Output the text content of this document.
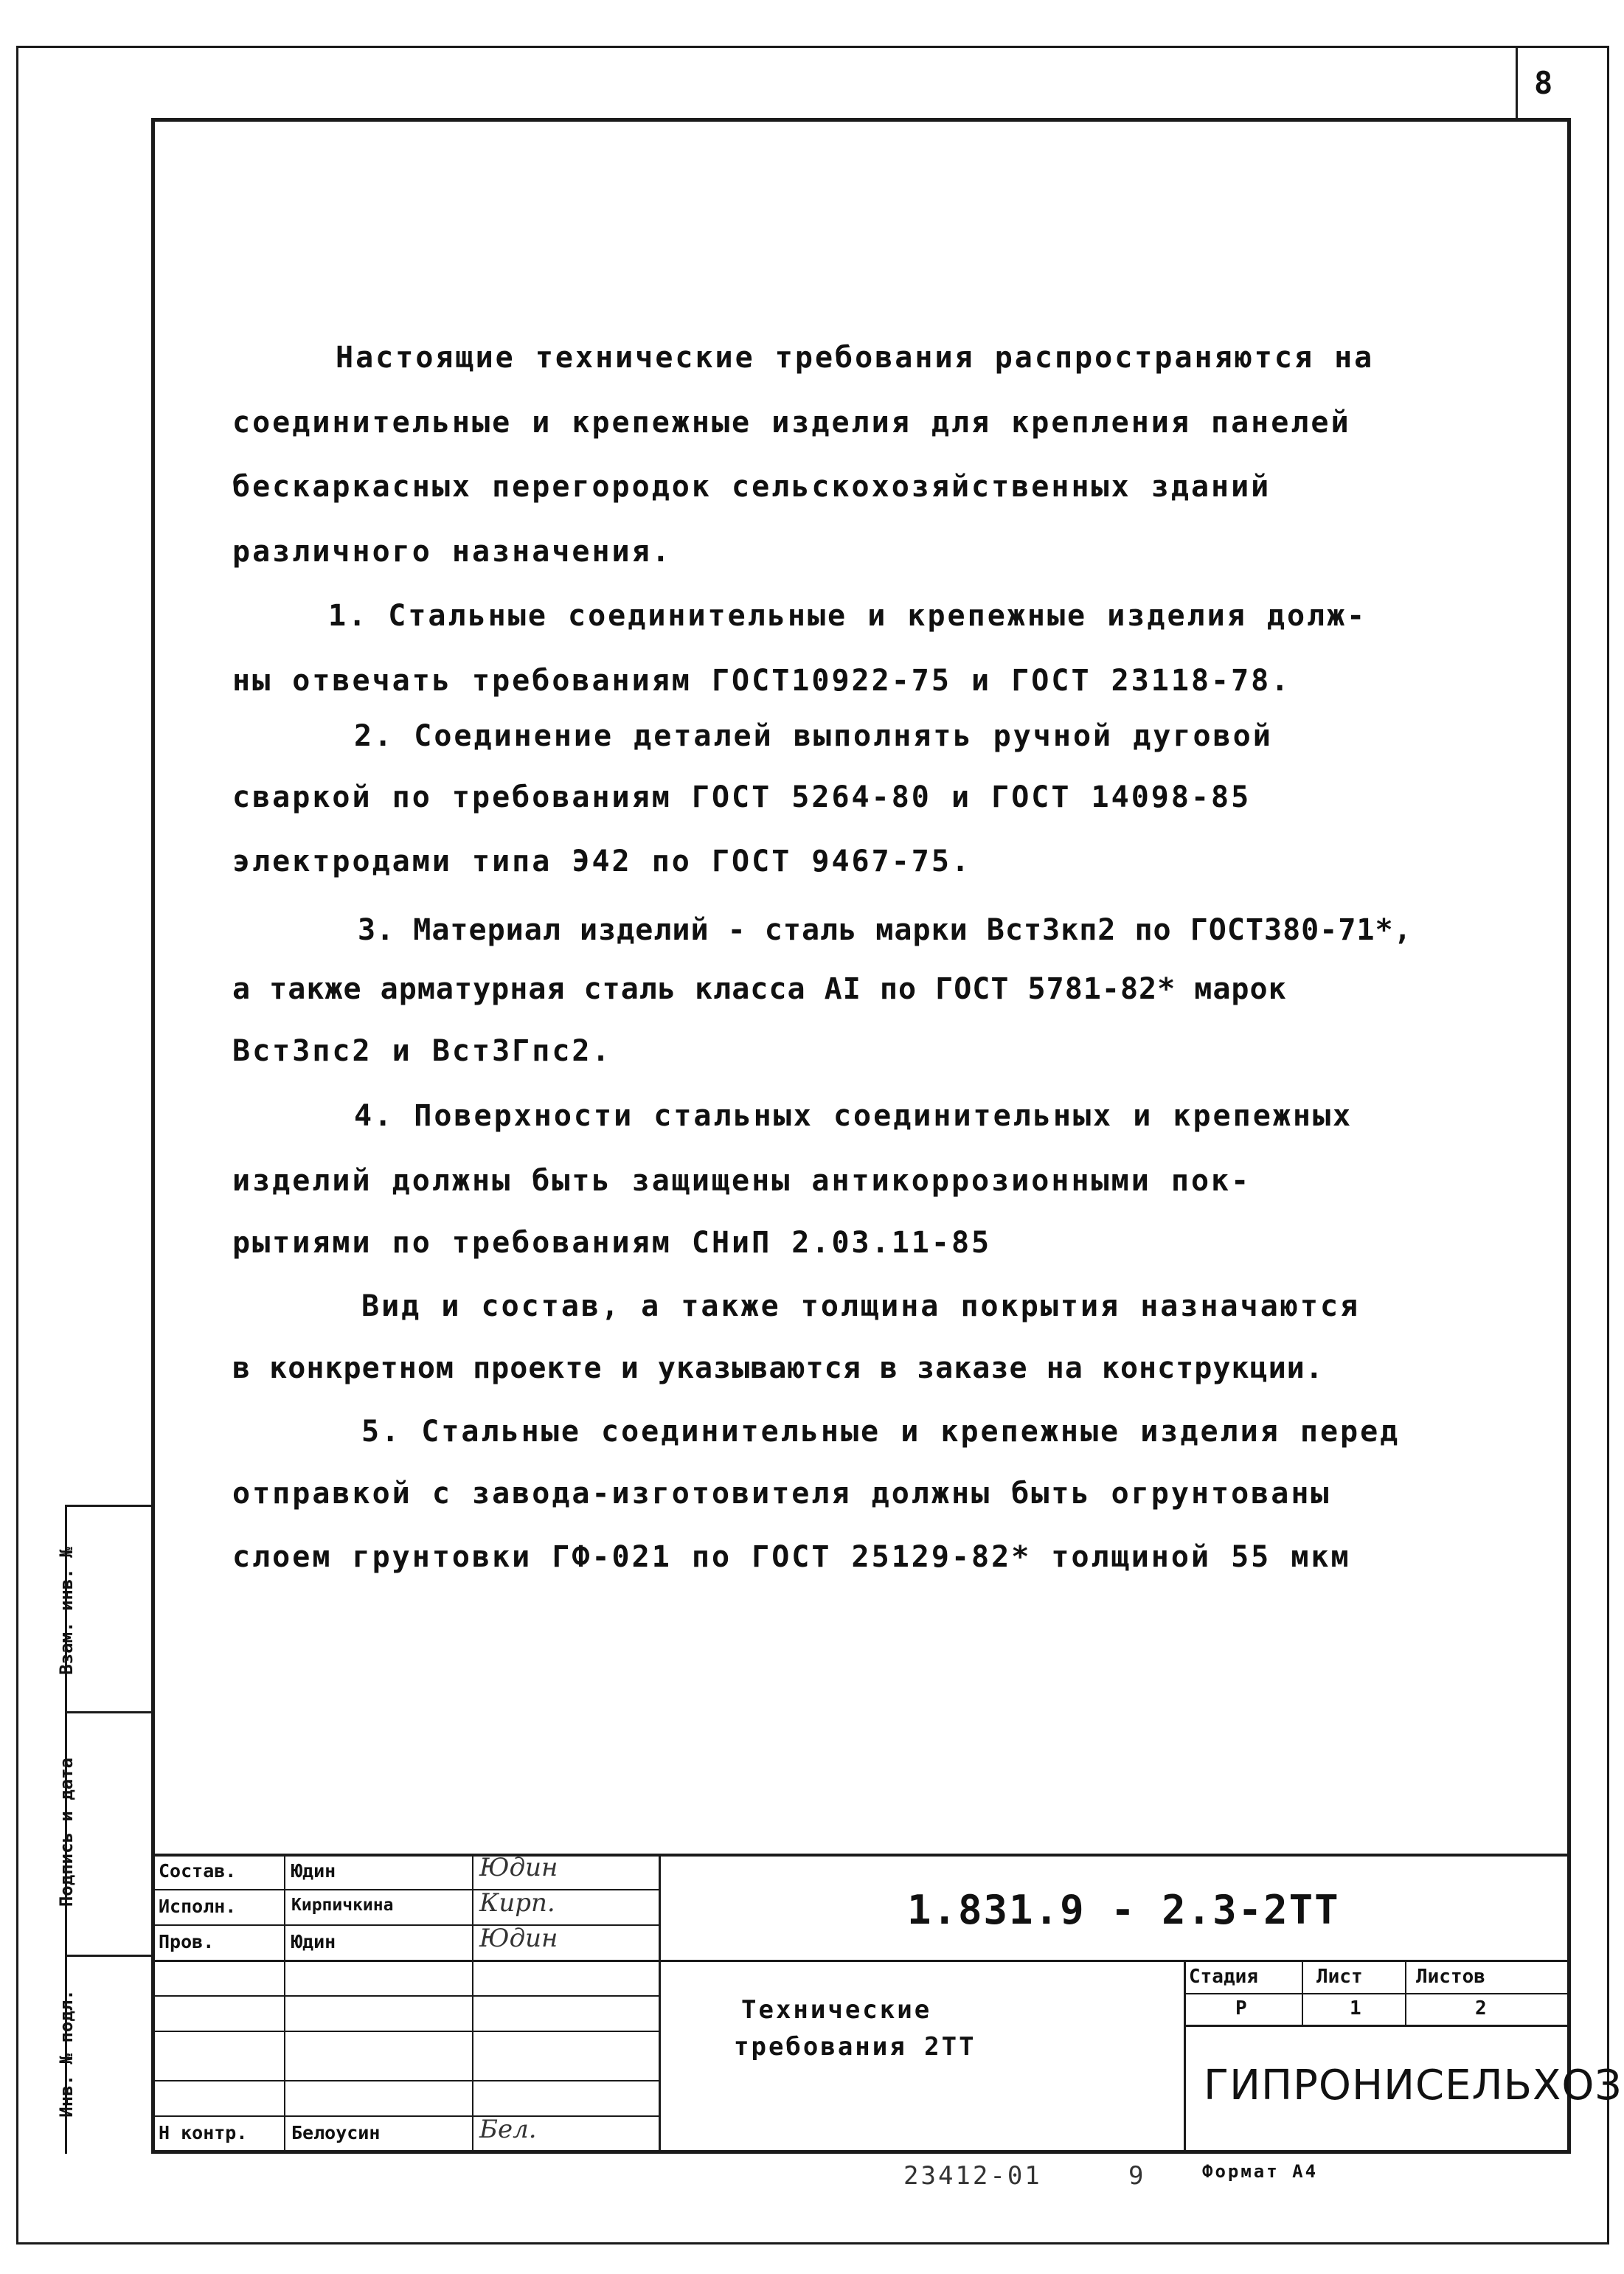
8
Настоящие технические требования распространяются на
соединительные и крепежные изделия для крепления панелей
бескаркасных перегородок сельскохозяйственных зданий
различного назначения.
1. Стальные соединительные и крепежные изделия долж-
ны отвечать требованиям ГОСТ10922-75 и ГОСТ 23118-78.
2. Соединение деталей выполнять ручной дуговой
сваркой по требованиям ГОСТ 5264-80 и ГОСТ 14098-85
электродами типа Э42 по ГОСТ 9467-75.
3. Материал изделий - сталь марки Вст3кп2 по ГОСТ380-71*,
а также арматурная сталь класса АI по ГОСТ 5781-82* марок
Вст3пс2 и Вст3Гпс2.
4. Поверхности стальных соединительных и крепежных
изделий должны быть защищены антикоррозионными пок-
рытиями по требованиям СНиП 2.03.11-85
Вид и состав, а также толщина покрытия назначаются
в конкретном проекте и указываются в заказе на конструкции.
5. Стальные соединительные и крепежные изделия перед
отправкой с завода-изготовителя должны быть огрунтованы
слоем грунтовки ГФ-021 по ГОСТ 25129-82* толщиной 55 мкм
Взам. инв. №
Подпись и дата
Инв. № подл.
Состав.	Юдин	Юдин
Исполн.	Кирпичкина	Кирп.
Пров.	Юдин	Юдин
Н контр. Белоусин	Бел.
1.831.9 - 2.3-2ТТ
Технические
требования 2ТТ
Стадия	Лист	Листов
Р	1	2
ГИПРОНИСЕЛЬХОЗ
23412-01	9	Формат А4
